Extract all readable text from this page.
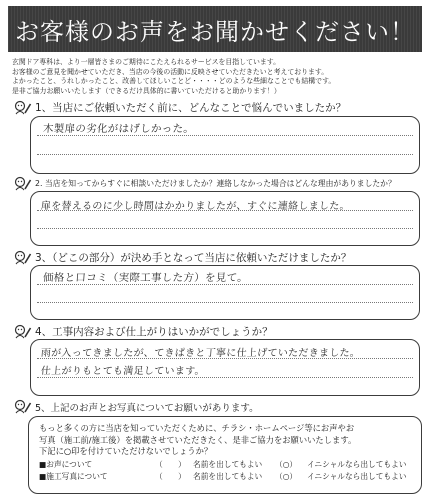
お客様のお声をお聞かせください！
玄関ドア専科は、より一層皆さまのご期待にこたえられるサービスを目指しています。
お客様のご意見を聞かせていただき、当店の今後の活動に反映させていただきたいと考えております。
よかったこと、うれしかったこと、改善してほしいことど・・・・どのような些細なことでも結構です。
是非ご協力お願いいたします（できるだけ具体的に書いていただけると助かります！）
1、当店にご依頼いただく前に、どんなことで悩んでいましたか？
木製扉の劣化がはげしかった。
2. 当店を知ってからすぐに相談いただけましたか？連絡しなかった場合はどんな理由がありましたか？
扉を替えるのに少し時間はかかりましたが、すぐに連絡しました。
3、（どこの部分）が決め手となって当店に依頼いただけましたか？
価格と口コミ（実際工事した方）を見て。
4、工事内容および仕上がりはいかがでしょうか？
雨が入ってきましたが、てきぱきと丁寧に仕上げていただきました。
仕上がりもとても満足しています。
5、上記のお声とお写真についてお願いがあります。
もっと多くの方に当店を知っていただくために、チラシ・ホームページ等にお声やお
写真（施工前/施工後）を掲載させていただきたく、是非ご協力をお願いいたします。
下記に○印を付けていただけないでしょうか？
■お声について	（　　） 名前を出してもよい	（○）	イニシャルなら出してもよい
■施工写真について	（　　） 名前を出してもよい	（○）	イニシャルなら出してもよい
